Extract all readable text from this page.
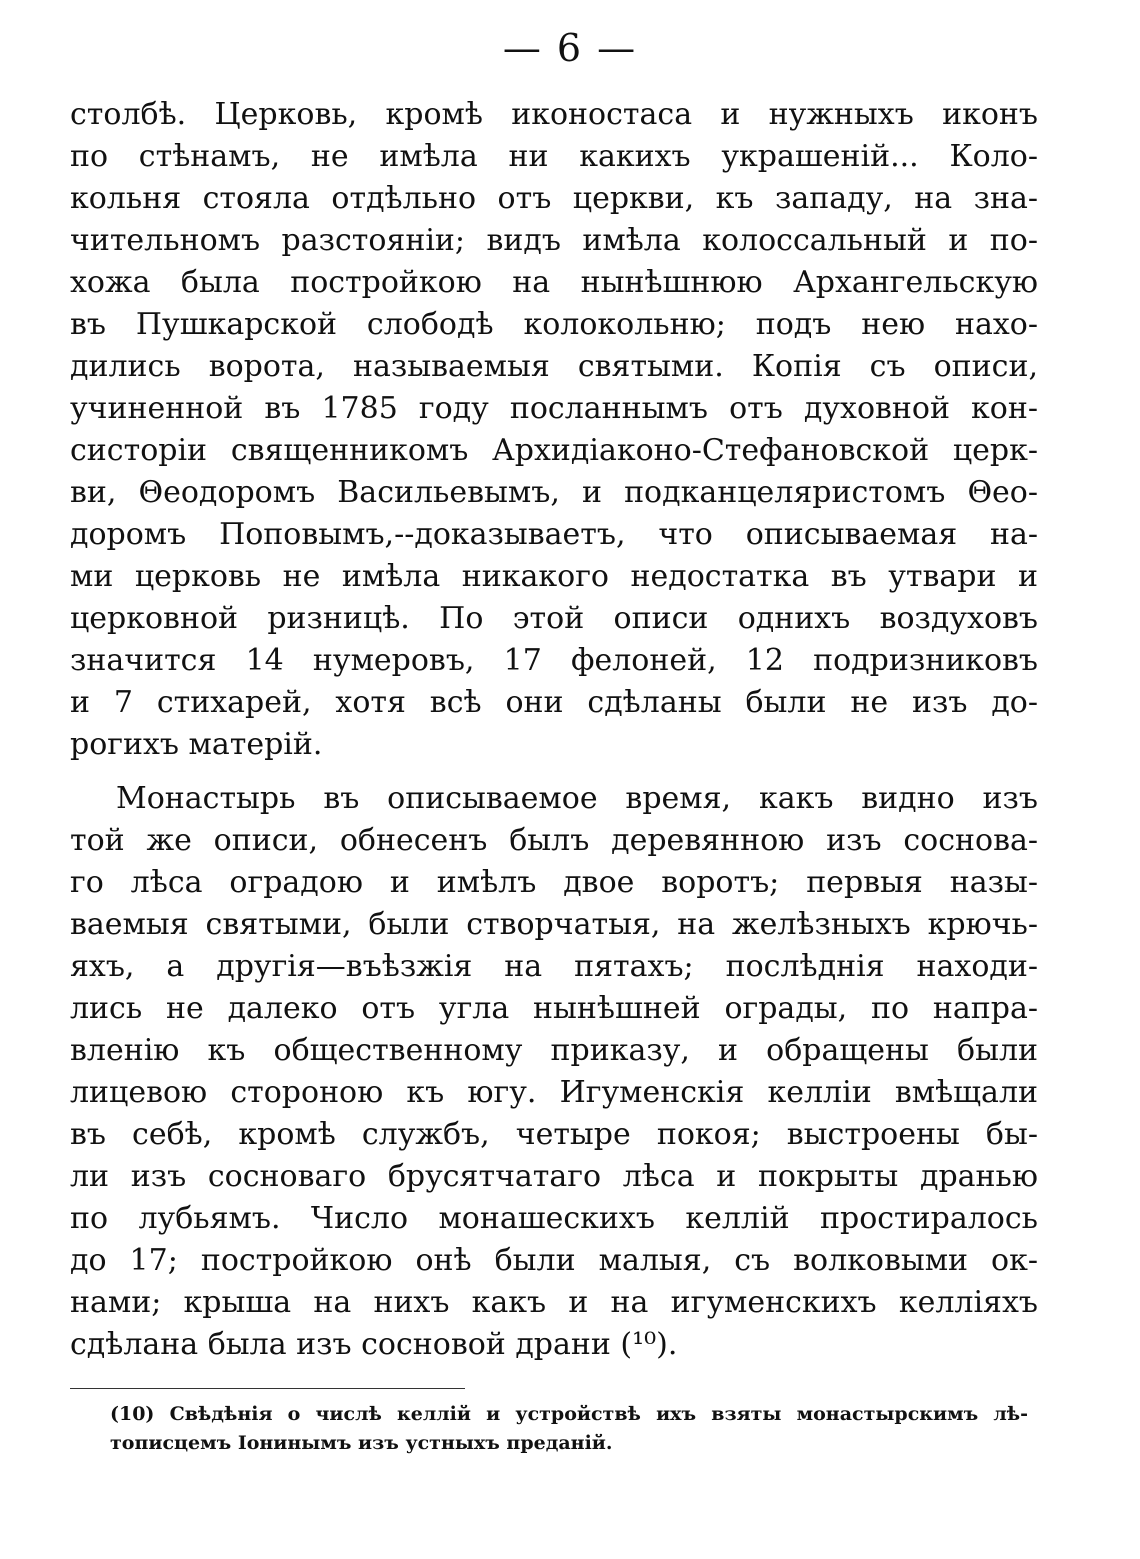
— 6 —
столбѣ. Церковь, кромѣ иконостаса и нужныхъ иконъ
по стѣнамъ, не имѣла ни какихъ украшенiй... Коло-
кольня стояла отдѣльно отъ церкви, къ западу, на зна-
чительномъ разстоянiи; видъ имѣла колоссальный и по-
хожа была постройкою на нынѣшнюю Архангельскую
въ Пушкарской слободѣ колокольню; подъ нею нахо-
дились ворота, называемыя святыми. Копiя съ описи,
учиненной въ 1785 году посланнымъ отъ духовной кон-
систорiи священникомъ Архидiаконо-Стефановской церк-
ви, Θеодоромъ Васильевымъ, и подканцеляристомъ Θео-
доромъ Поповымъ,--доказываетъ, что описываемая на-
ми церковь не имѣла никакого недостатка въ утвари и
церковной ризницѣ. По этой описи однихъ воздуховъ
значится 14 нумеровъ, 17 фелоней, 12 подризниковъ
и 7 стихарей, хотя всѣ они сдѣланы были не изъ до-
рогихъ матерiй.
Монастырь въ описываемое время, какъ видно изъ
той же описи, обнесенъ былъ деревянною изъ соснова-
го лѣса оградою и имѣлъ двое воротъ; первыя назы-
ваемыя святыми, были створчатыя, на желѣзныхъ крючь-
яхъ, а другiя—въѣзжiя на пятахъ; послѣднiя находи-
лись не далеко отъ угла нынѣшней ограды, по напра-
вленiю къ общественному приказу, и обращены были
лицевою стороною къ югу. Игуменскiя келлiи вмѣщали
въ себѣ, кромѣ службъ, четыре покоя; выстроены бы-
ли изъ сосноваго брусятчатаго лѣса и покрыты дранью
по лубьямъ. Число монашескихъ келлiй простиралось
до 17; постройкою онѣ были малыя, съ волковыми ок-
нами; крыша на нихъ какъ и на игуменскихъ келлiяхъ
сдѣлана была изъ сосновой драни (¹⁰).
(10) Свѣдѣнiя о числѣ келлiй и устройствѣ ихъ взяты монастырскимъ лѣ-
тописцемъ Iонинымъ изъ устныхъ преданiй.
